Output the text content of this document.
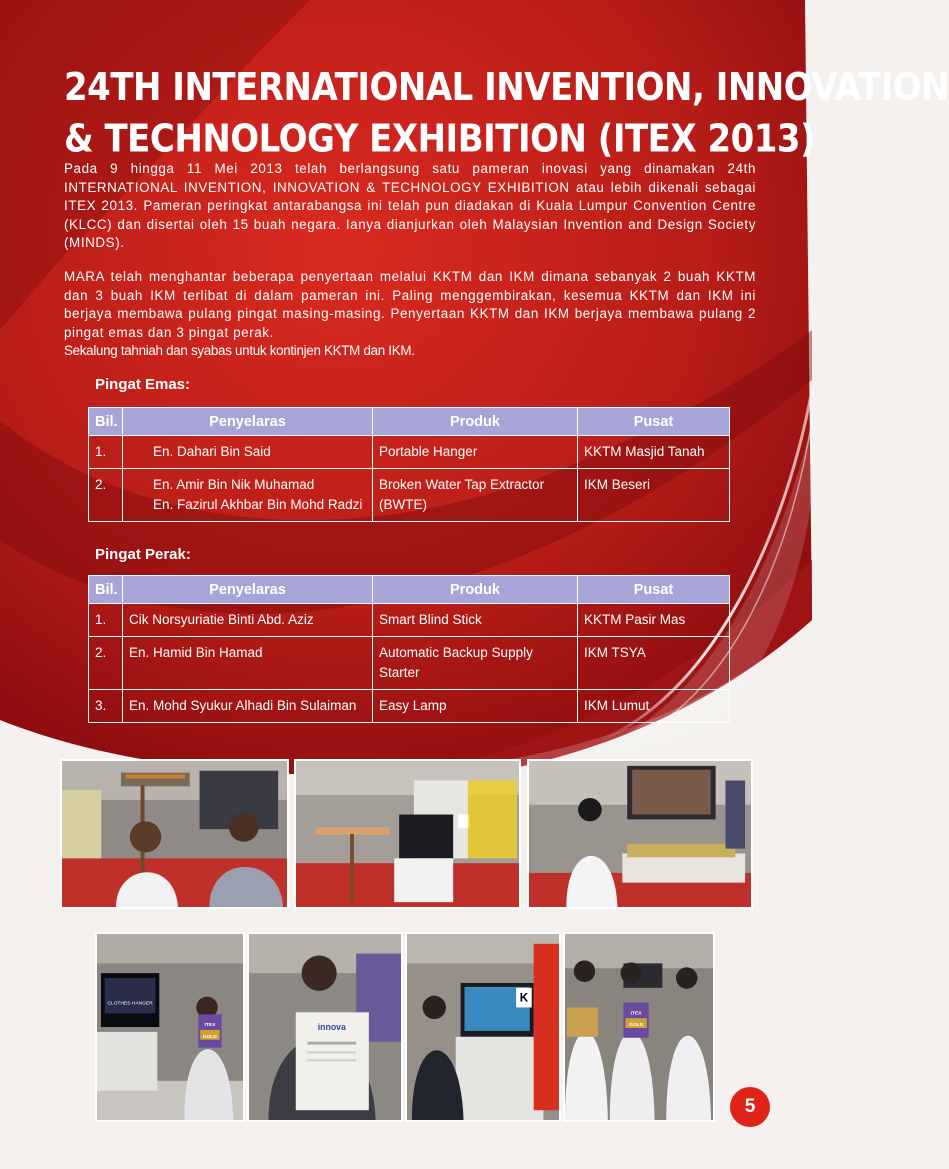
24TH INTERNATIONAL INVENTION, INNOVATION
& TECHNOLOGY EXHIBITION (ITEX 2013)

Pada 9 hingga 11 Mei 2013 telah berlangsung satu pameran inovasi yang dinamakan 24th INTERNATIONAL INVENTION, INNOVATION & TECHNOLOGY EXHIBITION atau lebih dikenali sebagai ITEX 2013. Pameran peringkat antarabangsa ini telah pun diadakan di Kuala Lumpur Convention Centre (KLCC) dan disertai oleh 15 buah negara. Ianya dianjurkan oleh Malaysian Invention and Design Society (MINDS).

MARA telah menghantar beberapa penyertaan melalui KKTM dan IKM dimana sebanyak 2 buah KKTM dan 3 buah IKM terlibat di dalam pameran ini. Paling menggembirakan, kesemua KKTM dan IKM ini berjaya membawa pulang pingat masing-masing. Penyertaan KKTM dan IKM berjaya membawa pulang 2 pingat emas dan 3 pingat perak.
Sekalung tahniah dan syabas untuk kontinjen KKTM dan IKM.

Pingat Emas:
Bil.	Penyelaras	Produk	Pusat
1.	En. Dahari Bin Said	Portable Hanger	KKTM Masjid Tanah
2.	En. Amir Bin Nik Muhamad
En. Fazirul Akhbar Bin Mohd Radzi	Broken Water Tap Extractor (BWTE)	IKM Beseri
Pingat Perak:
Bil.	Penyelaras	Produk	Pusat
1.	Cik Norsyuriatie Binti Abd. Aziz	Smart Blind Stick	KKTM Pasir Mas
2.	En. Hamid Bin Hamad	Automatic Backup Supply Starter	IKM TSYA
3.	En. Mohd Syukur Alhadi Bin Sulaiman	Easy Lamp	IKM Lumut
CLOTHES HANGER
ITEX
GOLD
innova
K
ITEX
GOLD
5
